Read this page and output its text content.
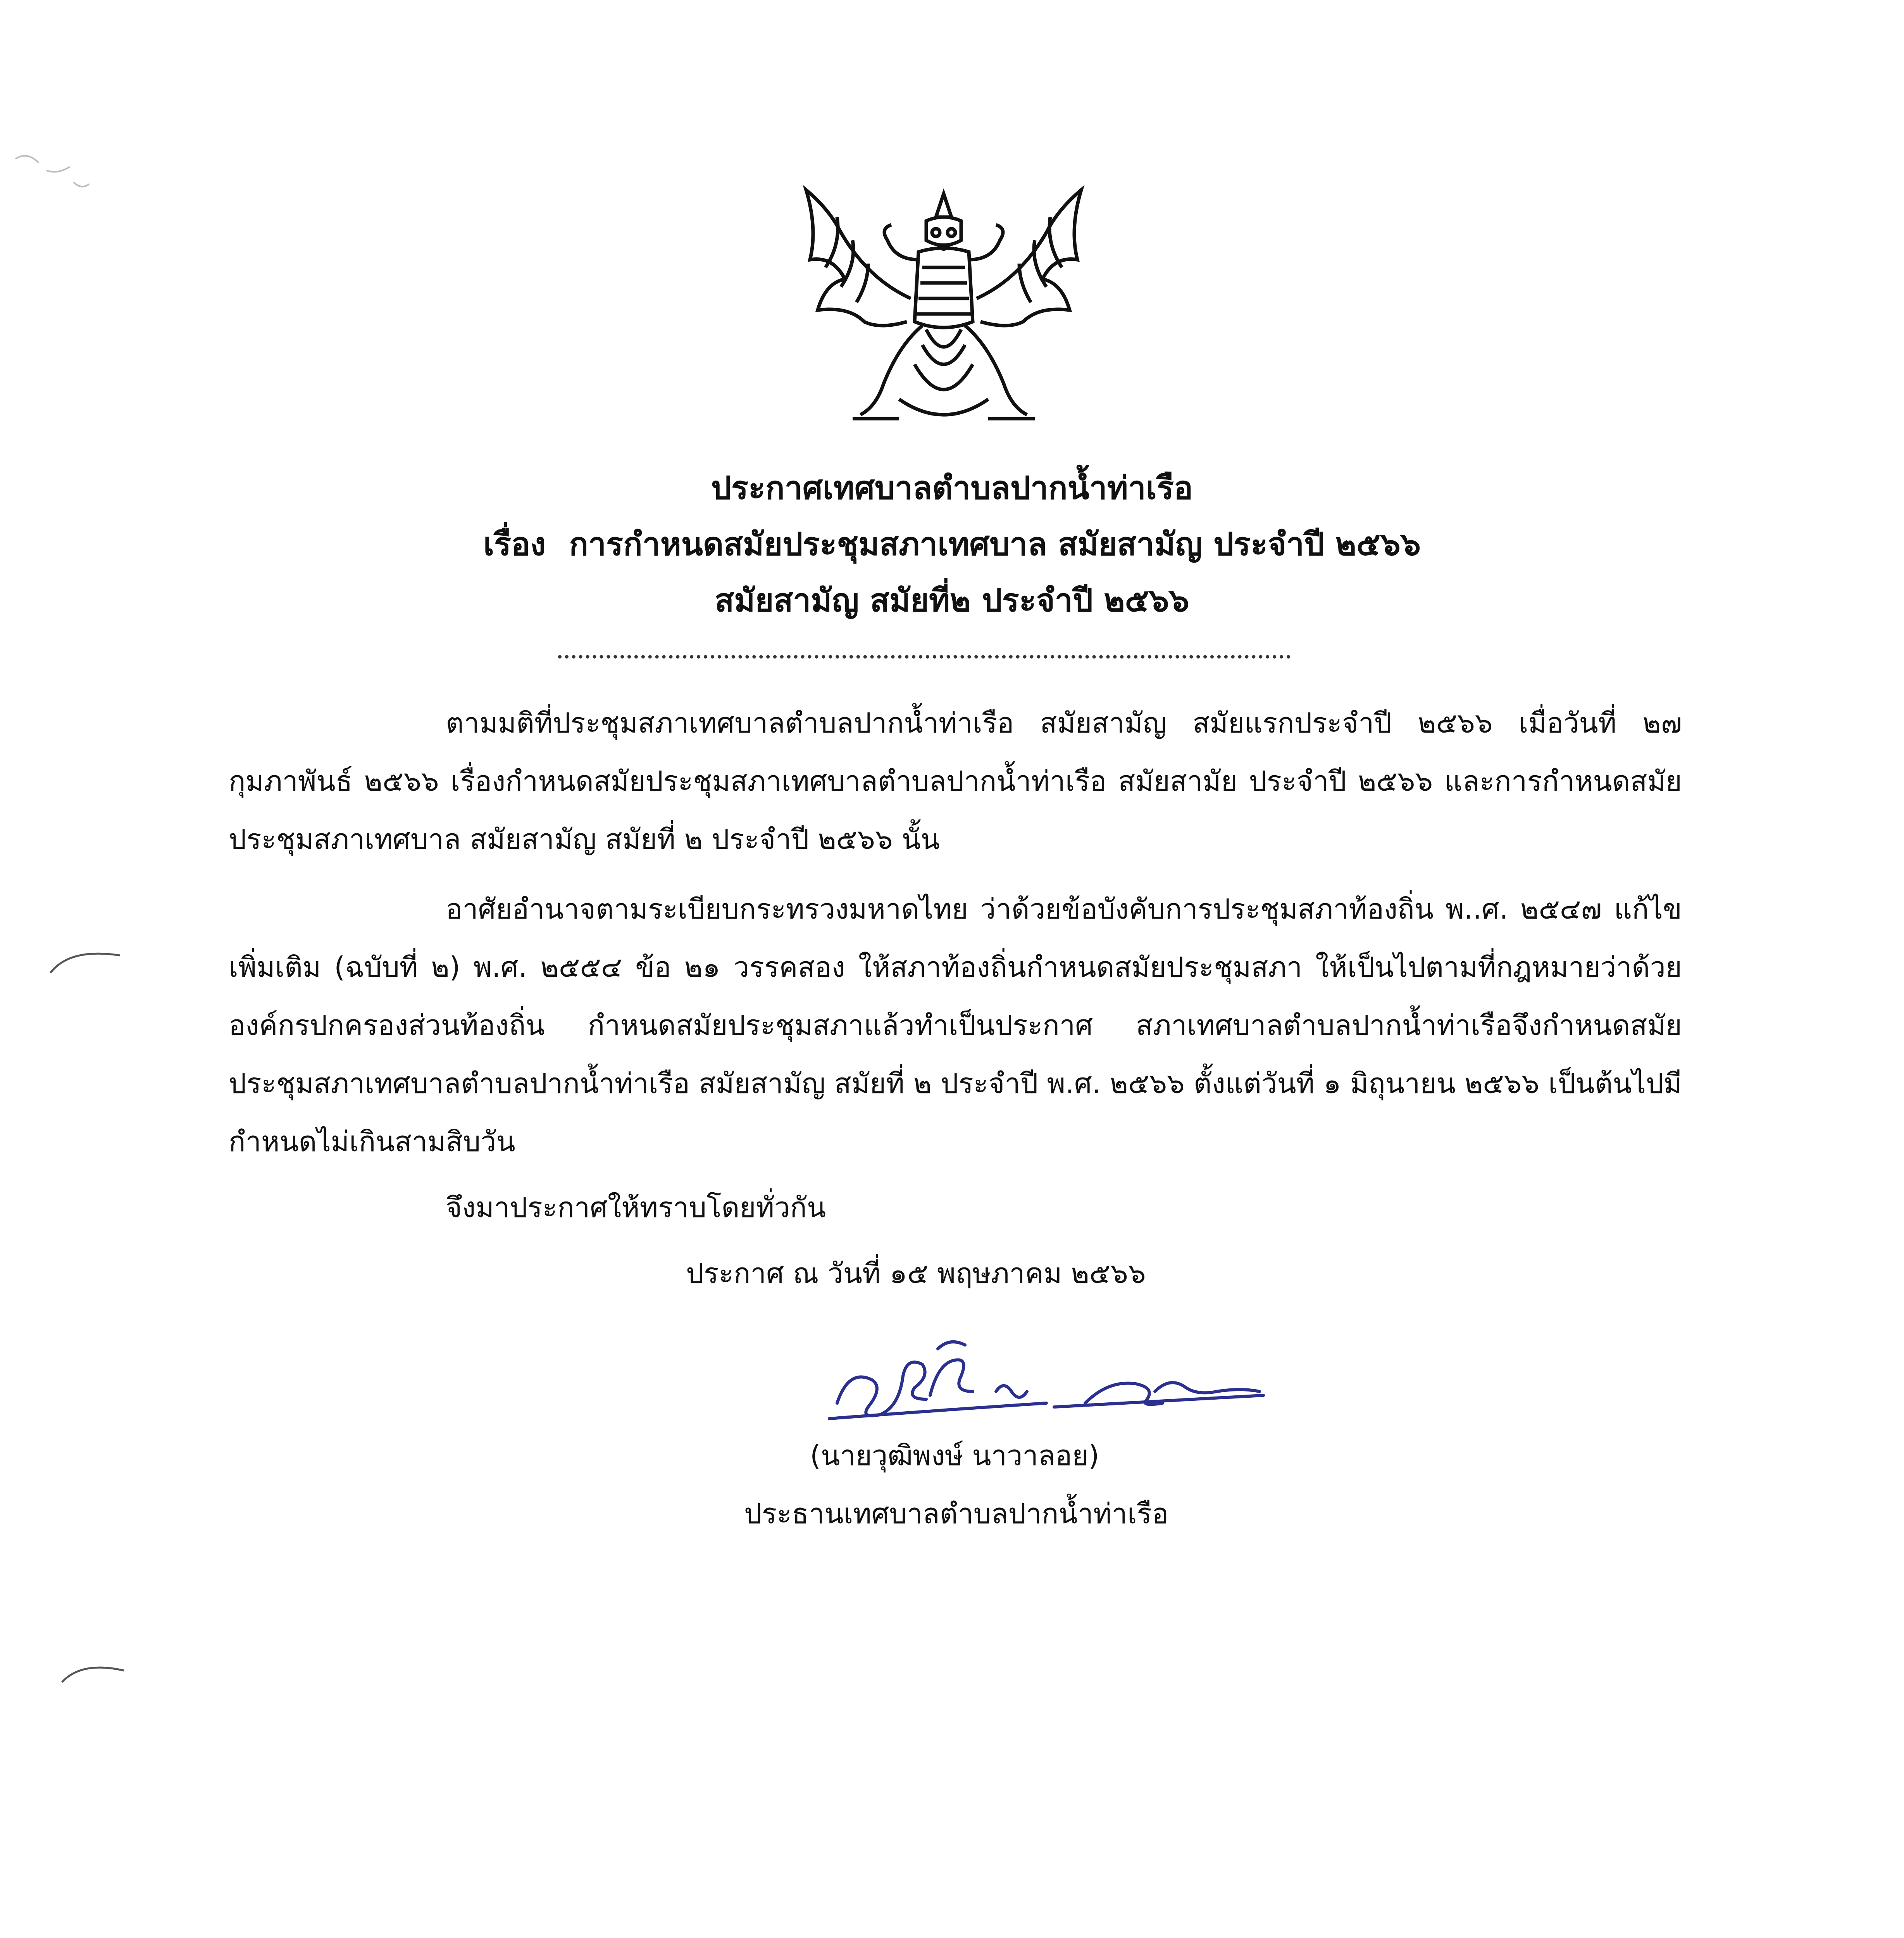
ประกาศเทศบาลตำบลปากน้ำท่าเรือ
เรื่อง การกำหนดสมัยประชุมสภาเทศบาล สมัยสามัญ ประจำปี ๒๕๖๖
สมัยสามัญ สมัยที่๒ ประจำปี ๒๕๖๖
ตามมติที่ประชุมสภาเทศบาลตำบลปากน้ำท่าเรือ สมัยสามัญ สมัยแรกประจำปี ๒๕๖๖ เมื่อวันที่ ๒๗ กุมภาพันธ์ ๒๕๖๖ เรื่องกำหนดสมัยประชุมสภาเทศบาลตำบลปากน้ำท่าเรือ สมัยสามัย ประจำปี ๒๕๖๖ และการกำหนดสมัยประชุมสภาเทศบาล สมัยสามัญ สมัยที่ ๒ ประจำปี ๒๕๖๖ นั้น
อาศัยอำนาจตามระเบียบกระทรวงมหาดไทย ว่าด้วยข้อบังคับการประชุมสภาท้องถิ่น พ..ศ. ๒๕๔๗ แก้ไขเพิ่มเติม (ฉบับที่ ๒) พ.ศ. ๒๕๕๔ ข้อ ๒๑ วรรคสอง ให้สภาท้องถิ่นกำหนดสมัยประชุมสภา ให้เป็นไปตามที่กฎหมายว่าด้วยองค์กรปกครองส่วนท้องถิ่น กำหนดสมัยประชุมสภาแล้วทำเป็นประกาศ สภาเทศบาลตำบลปากน้ำท่าเรือจึงกำหนดสมัยประชุมสภาเทศบาลตำบลปากน้ำท่าเรือ สมัยสามัญ สมัยที่ ๒ ประจำปี พ.ศ. ๒๕๖๖ ตั้งแต่วันที่ ๑ มิถุนายน ๒๕๖๖ เป็นต้นไปมีกำหนดไม่เกินสามสิบวัน
จึงมาประกาศให้ทราบโดยทั่วกัน
ประกาศ ณ วันที่ ๑๕ พฤษภาคม ๒๕๖๖
(นายวุฒิพงษ์ นาวาลอย)
ประธานเทศบาลตำบลปากน้ำท่าเรือ
